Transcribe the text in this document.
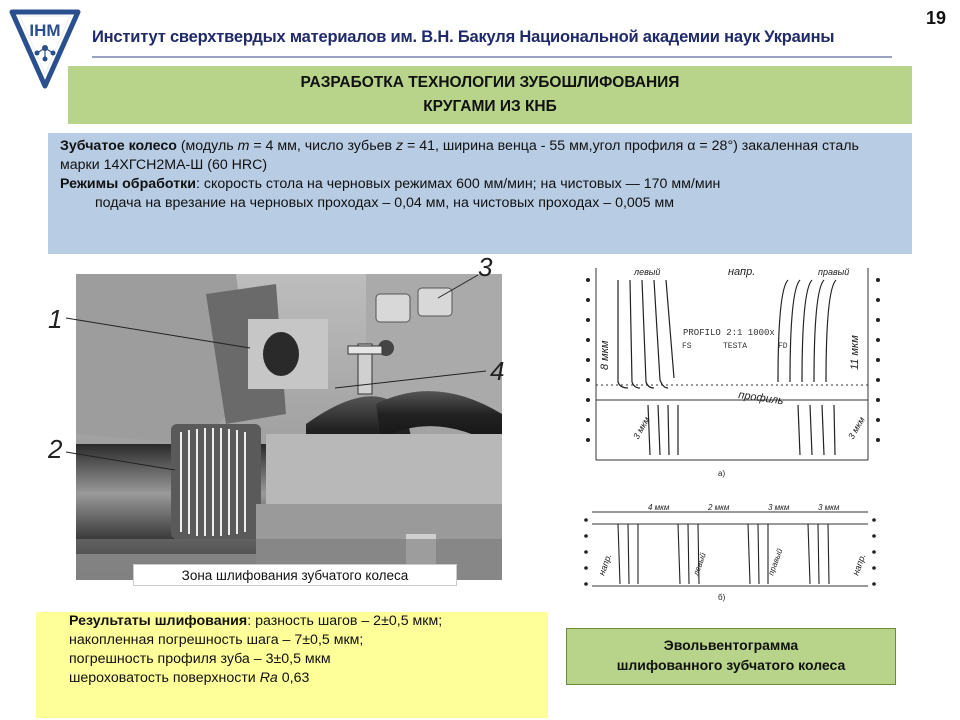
ІНМ Институт сверхтвердых материалов им. В.Н. Бакуля Национальной академии наук Украины
19
РАЗРАБОТКА ТЕХНОЛОГИИ ЗУБОШЛИФОВАНИЯ
КРУГАМИ ИЗ КНБ

Зубчатое колесо (модуль m = 4 мм, число зубьев z = 41, ширина венца - 55 мм,угол профиля α = 28°) закаленная сталь марки 14ХГСН2МА-Ш (60 HRC)

Режимы обработки: скорость стола на черновых режимах 600 мм/мин; на чистовых — 170 мм/мин

подача на врезание на черновых проходах – 0,04 мм, на чистовых проходах – 0,005 мм

1
2
3
4
Зона шлифования зубчатого колеса

Результаты шлифования: разность шагов – 2±0,5 мкм;

накопленная погрешность шага – 7±0,5 мкм;

погрешность профиля зуба – 3±0,5 мкм

шероховатость поверхности Ra 0,63

левый	напр.	правый
8 мкм	11 мкм
PROFILO 2:1 1000x
FS	TESTA	FD
профиль
3 мкм	3 мкм
а)
4 мкм	2 мкм	3 мкм	3 мкм
напр.	напр.
левый	правый
б)
Эвольвентограмма
шлифованного зубчатого колеса
